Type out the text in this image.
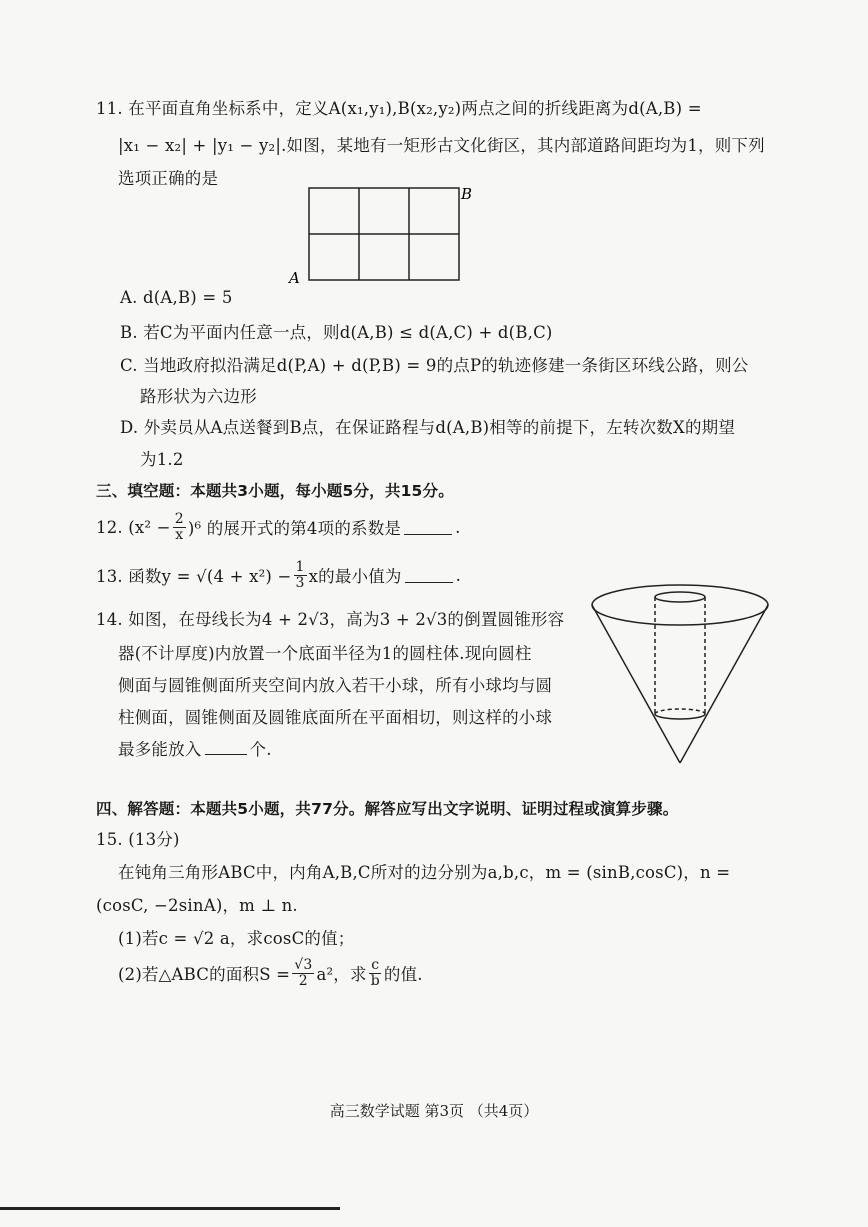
11. 在平面直角坐标系中，定义A(x₁,y₁),B(x₂,y₂)两点之间的折线距离为d(A,B) =
|x₁ − x₂| + |y₁ − y₂|.如图，某地有一矩形古文化街区，其内部道路间距均为1，则下列
选项正确的是
A
B
A. d(A,B) = 5
B. 若C为平面内任意一点，则d(A,B) ≤ d(A,C) + d(B,C)
C. 当地政府拟沿满足d(P,A) + d(P,B) = 9的点P的轨迹修建一条街区环线公路，则公
路形状为六边形
D. 外卖员从A点送餐到B点，在保证路程与d(A,B)相等的前提下，左转次数X的期望
为1.2
三、填空题：本题共3小题，每小题5分，共15分。
12. $(x^2 - \frac{2}{x} )^6$ 的展开式的第4项的系数是	.
13. 函数$y = √(4 + x^2) - \frac{1}{3}$ x的最小值为	.
14. 如图，在母线长为4 + 2√3，高为3 + 2√3的倒置圆锥形容
器(不计厚度)内放置一个底面半径为1的圆柱体.现向圆柱
侧面与圆锥侧面所夹空间内放入若干小球，所有小球均与圆
柱侧面，圆锥侧面及圆锥底面所在平面相切，则这样的小球
最多能放入	个.
四、解答题：本题共5小题，共77分。解答应写出文字说明、证明过程或演算步骤。
15. (13分)
在钝角三角形ABC中，内角A,B,C所对的边分别为a,b,c，m = (sinB,cosC)，n =
(cosC, −2sinA)，m ⊥ n.
(1)若c = √2 a，求cosC的值；
(2)若△ABC的面积$S = \frac{√3}{2} a^2$，求 $\frac{c}{b}$ 的值.
高三数学试题 第3页 （共4页）
